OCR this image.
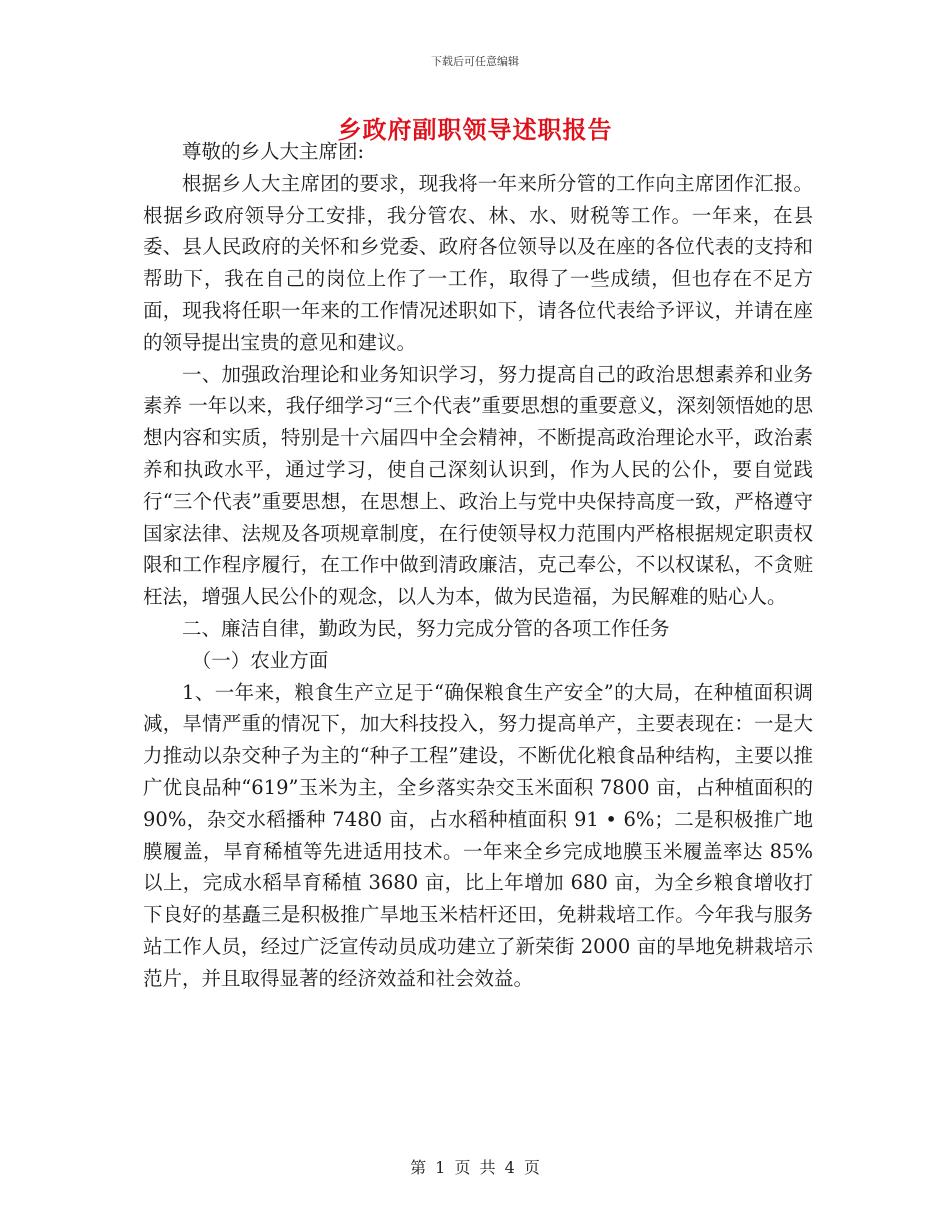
下载后可任意编辑
乡政府副职领导述职报告

尊敬的乡人大主席团:

根据乡人大主席团的要求，现我将一年来所分管的工作向主席团作汇报。根据乡政府领导分工安排，我分管农、林、水、财税等工作。一年来，在县委、县人民政府的关怀和乡党委、政府各位领导以及在座的各位代表的支持和帮助下，我在自己的岗位上作了一工作，取得了一些成绩，但也存在不足方面，现我将任职一年来的工作情况述职如下，请各位代表给予评议，并请在座的领导提出宝贵的意见和建议。

一、加强政治理论和业务知识学习，努力提高自己的政治思想素养和业务素养 一年以来，我仔细学习“三个代表”重要思想的重要意义，深刻领悟她的思想内容和实质，特别是十六届四中全会精神，不断提高政治理论水平，政治素养和执政水平，通过学习，使自己深刻认识到，作为人民的公仆，要自觉践行“三个代表”重要思想，在思想上、政治上与党中央保持高度一致，严格遵守国家法律、法规及各项规章制度，在行使领导权力范围内严格根据规定职责权限和工作程序履行，在工作中做到清政廉洁，克己奉公，不以权谋私，不贪赃枉法，增强人民公仆的观念，以人为本，做为民造福，为民解难的贴心人。

二、廉洁自律，勤政为民，努力完成分管的各项工作任务

（一）农业方面

1、一年来，粮食生产立足于“确保粮食生产安全”的大局，在种植面积调减，旱情严重的情况下，加大科技投入，努力提高单产，主要表现在：一是大力推动以杂交种子为主的“种子工程”建设，不断优化粮食品种结构，主要以推广优良品种“619”玉米为主，全乡落实杂交玉米面积 7800 亩，占种植面积的 90%，杂交水稻播种 7480 亩，占水稻种植面积 91 • 6%；二是积极推广地膜履盖，旱育稀植等先进适用技术。一年来全乡完成地膜玉米履盖率达 85%以上，完成水稻旱育稀植 3680 亩，比上年增加 680 亩，为全乡粮食增收打下良好的基矗三是积极推广旱地玉米桔杆还田，免耕栽培工作。今年我与服务站工作人员，经过广泛宣传动员成功建立了新荣街 2000 亩的旱地免耕栽培示范片，并且取得显著的经济效益和社会效益。

第 1 页 共 4 页
